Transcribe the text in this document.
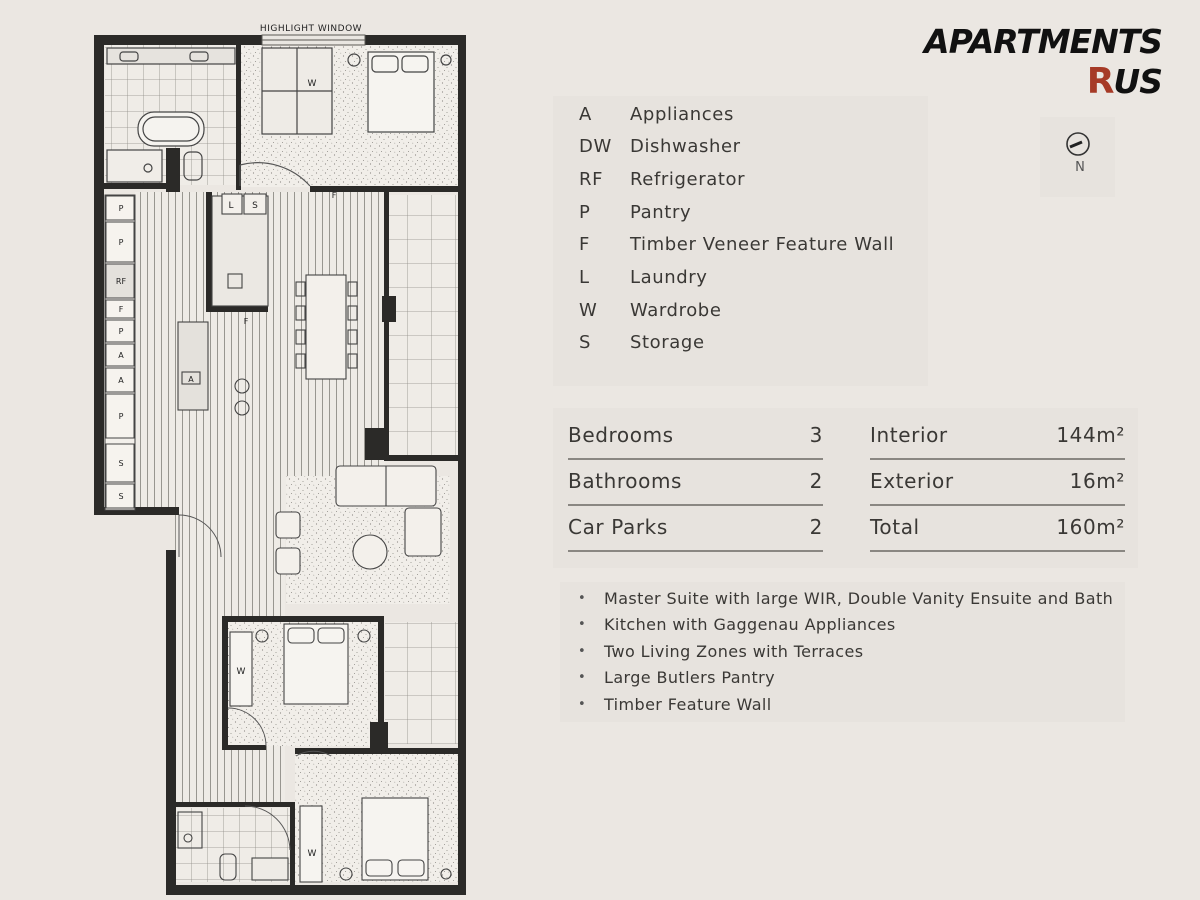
HIGHLIGHT WINDOW
W
P
P
RF
F
P
A
A
P
S
S
L S
F
F
A
W
W
APARTMENTS RUS
A	Appliances
DW	Dishwasher
RF	Refrigerator
P	Pantry
F	Timber Veneer Feature Wall
L	Laundry
W	Wardrobe
S	Storage
N
Bedrooms	3
Bathrooms	2
Car Parks	2
Interior	144m²
Exterior	16m²
Total	160m²
•	Master Suite with large WIR, Double Vanity Ensuite and Bath
•	Kitchen with Gaggenau Appliances
•	Two Living Zones with Terraces
•	Large Butlers Pantry
•	Timber Feature Wall
